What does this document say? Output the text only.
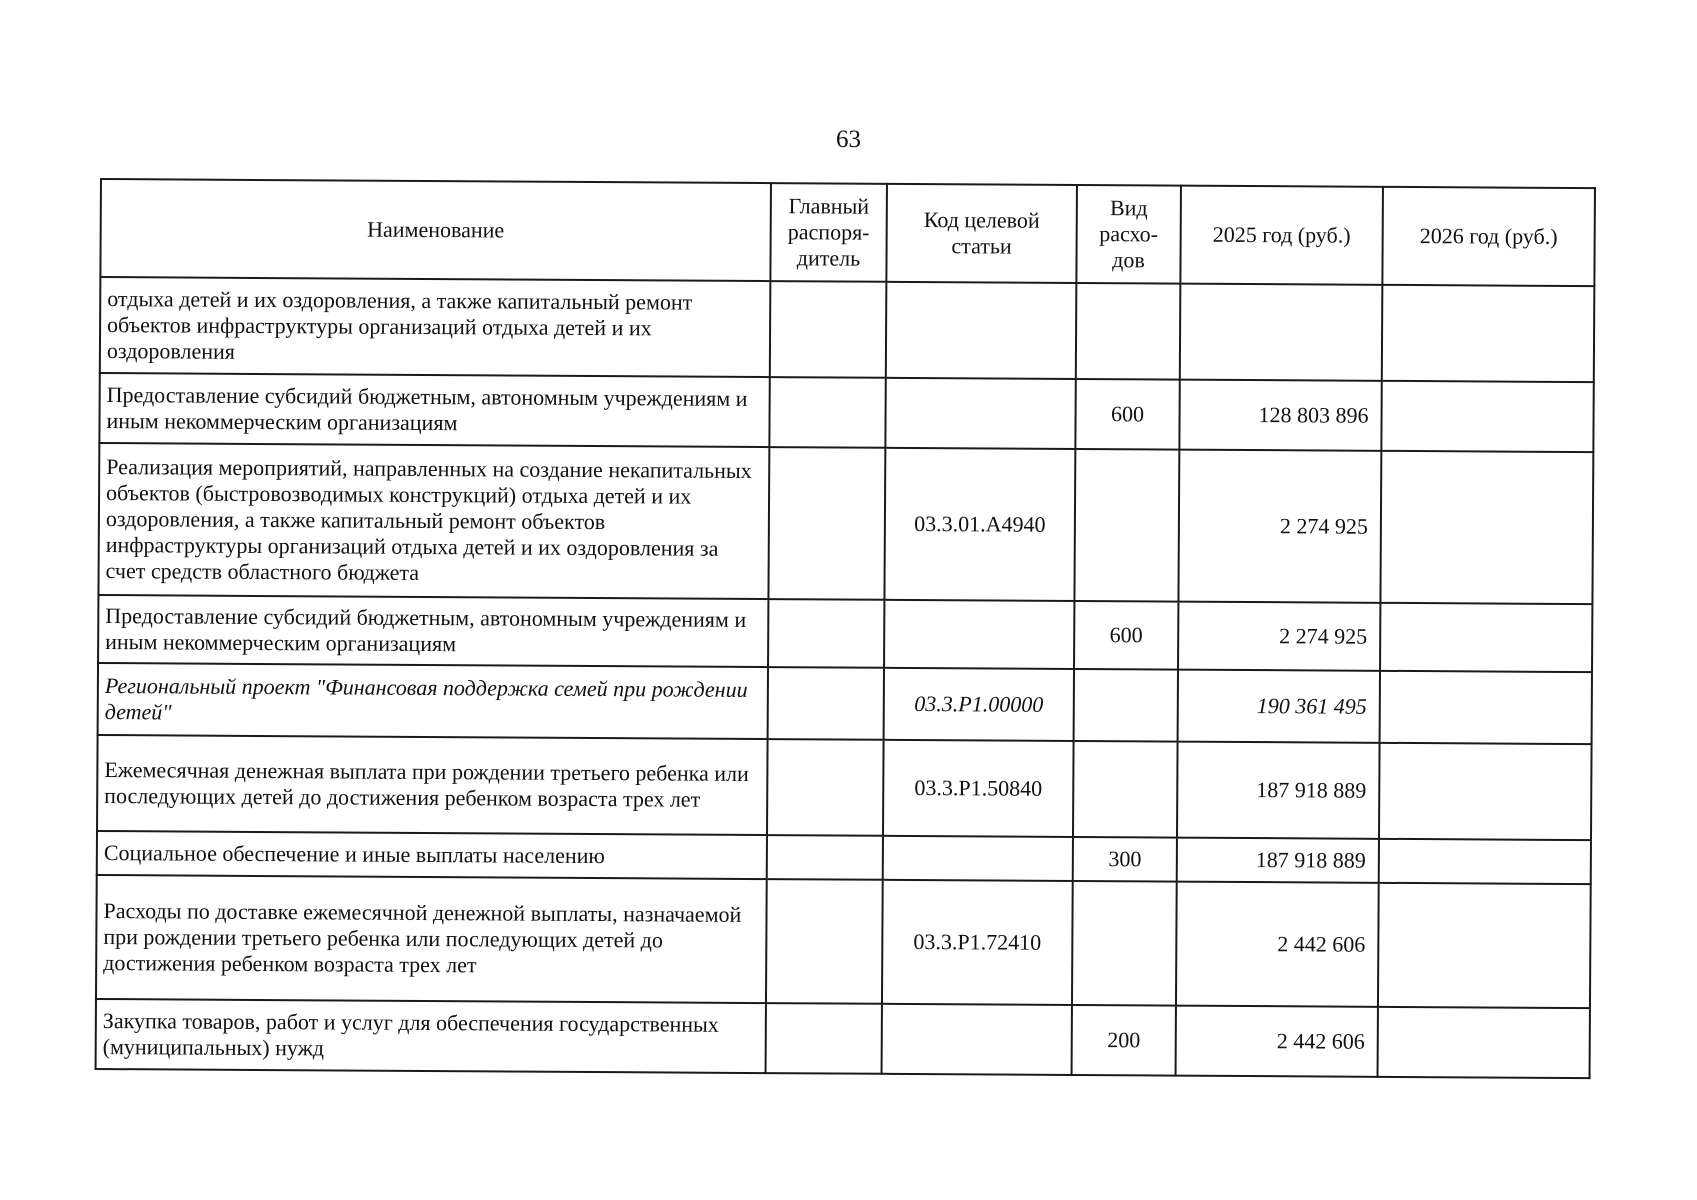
63
Наименование	Главный распоря-дитель	Код целевой статьи	Вид расхо-дов	2025 год (руб.)	2026 год (руб.)
отдыха детей и их оздоровления, а также капитальный ремонт объектов инфраструктуры организаций отдыха детей и их оздоровления					
Предоставление субсидий бюджетным, автономным учреждениям и иным некоммерческим организациям			600	128 803 896	
Реализация мероприятий, направленных на создание некапитальных объектов (быстровозводимых конструкций) отдыха детей и их оздоровления, а также капитальный ремонт объектов инфраструктуры организаций отдыха детей и их оздоровления за счет средств областного бюджета		03.3.01.A4940		2 274 925	
Предоставление субсидий бюджетным, автономным учреждениям и иным некоммерческим организациям			600	2 274 925	
Региональный проект "Финансовая поддержка семей при рождении детей"		03.3.P1.00000		190 361 495	
Ежемесячная денежная выплата при рождении третьего ребенка или последующих детей до достижения ребенком возраста трех лет		03.3.P1.50840		187 918 889	
Социальное обеспечение и иные выплаты населению			300	187 918 889	
Расходы по доставке ежемесячной денежной выплаты, назначаемой при рождении третьего ребенка или последующих детей до достижения ребенком возраста трех лет		03.3.P1.72410		2 442 606	
Закупка товаров, работ и услуг для обеспечения государственных (муниципальных) нужд			200	2 442 606	
